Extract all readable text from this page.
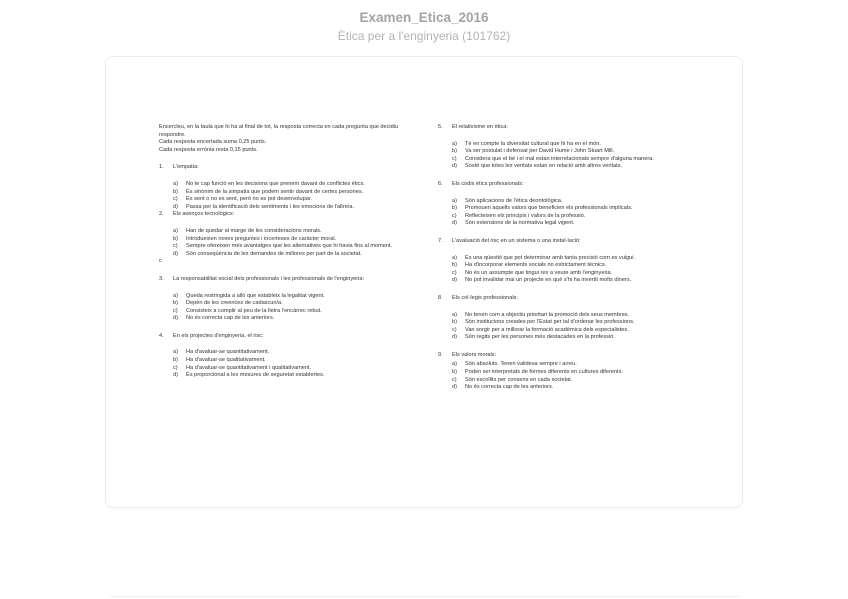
Examen_Etica_2016
Ètica per a l'enginyeria (101762)

Encercleu, en la taula que hi ha al final de tot, la resposta correcta en cada pregunta que decidiu respondre.

Cada resposta encertada suma 0,25 punts.

Cada resposta errònia resta 0,15 punts.

1. L'empatia:
a) No te cap funció en les decisions que prenem davant de conflictes ètics.
b) És sinònim de la simpatia que podem sentir davant de certes persones.
c) És sent o no es sent, però no es pot desenvolupar.
d) Passa per la identificació dels sentiments i les emocions de l'altre/a.
2. Els avenços tecnològics:
a) Han de quedar al marge de les consideracions morals.
b) Introdueixen noves preguntes i incerteses de caràcter moral.
c) Sempre ofereixen més avantatges que les alternatives que hi havia fins al moment.
d) Són conseqüència de les demandes de millores per part de la societat.
c
3. La responsabilitat social dels professionals i les professionals de l'enginyeria:
a) Queda restringida a allò que estableix la legalitat vigent.
b) Depèn de les creences de cadascun/a.
c) Consisteix a complir al peu de la lletra l'encàrrec rebut.
d) No és correcta cap de les anteriors.
4. En els projectes d'enginyeria, el risc:
a) Ha d'avaluar-se quantitativament.
b) Ha d'avaluar-se qualitativament.
c) Ha d'avaluar-se quantitativament i qualitativament.
d) És proporcional a les mesures de seguretat establertes.
5. El relativisme en ètica:
a) Té en compte la diversitat cultural que hi ha en el món.
b) Va ser postulat i defensat per David Hume i John Stuart Mill.
c) Considera que el bé i el mal estan interrelacionats sempre d'alguna manera.
d) Sosté que totes les veritats estan en relació amb altres veritats.
6. Els codis ètics professionals:
a) Són aplicacions de l'ètica deontològica.
b) Promouen aquells valors que beneficien els professionals implicats.
c) Reflecteixen els principis i valors de la professió.
d) Són extensions de la normativa legal vigent.
7. L'avaluació del risc en un sistema o una instal·lació:
a) És una qüestió que pot determinar amb tanta precisió com es vulgui.
b) Ha d'incorporar elements socials no estrictament tècnics.
c) No és un assumpte que tingui res a veure amb l'enginyeria.
d) No pot invalidar mai un projecte en què s'hi ha invertit molts diners.
8. Els col·legis professionals:
a) No tenen com a objectiu prioritari la promoció dels seus membres.
b) Són institucions creades per l'Estat per tal d'ordenar les professions.
c) Van sorgir per a millorar la formació acadèmica dels especialistes.
d) Són regits per les persones més destacades en la professió.
9. Els valors morals:
a) Són absoluts. Tenen validesa sempre i arreu.
b) Poden ser interpretats de formes diferents en cultures diferents.
c) Són escollits per consens en cada societat.
d) No és correcta cap de les anteriors.
